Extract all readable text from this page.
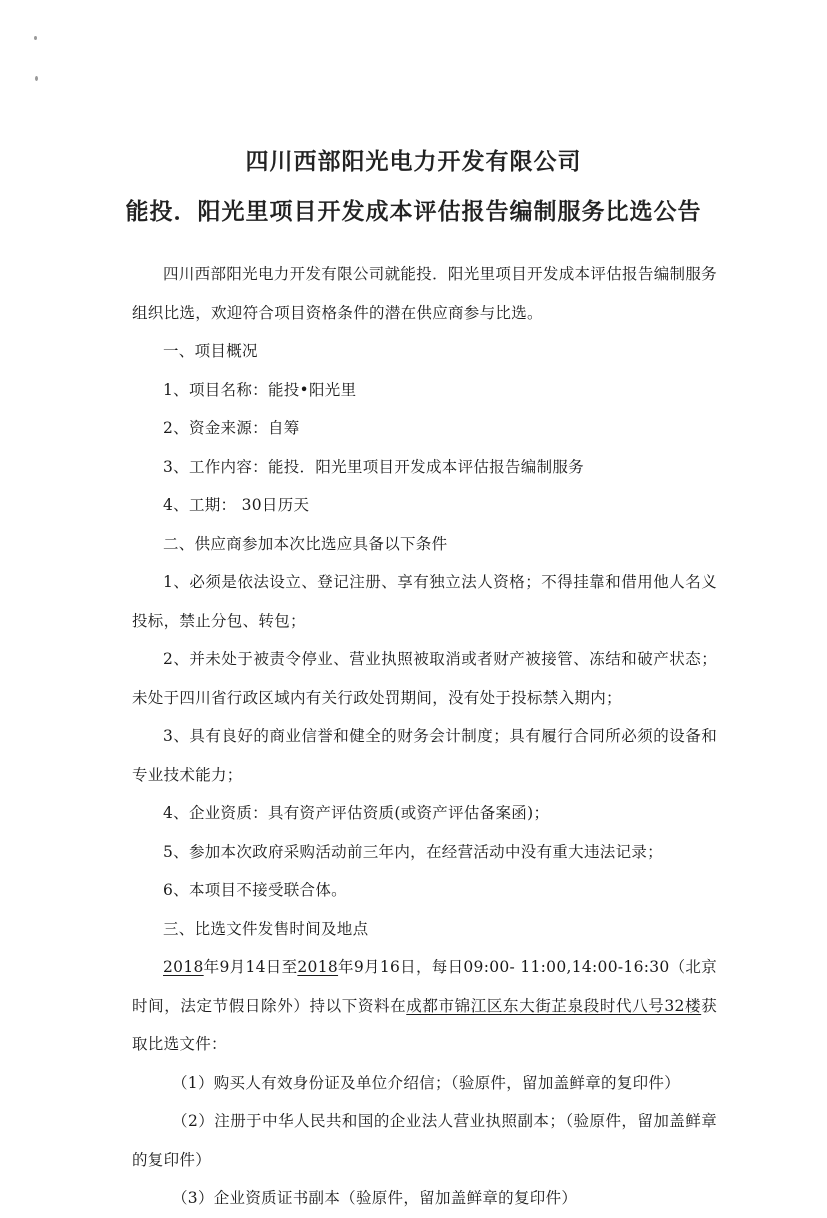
四川西部阳光电力开发有限公司
能投．阳光里项目开发成本评估报告编制服务比选公告

四川西部阳光电力开发有限公司就能投．阳光里项目开发成本评估报告编制服务组织比选，欢迎符合项目资格条件的潜在供应商参与比选。

一、项目概况

1、项目名称：能投•阳光里

2、资金来源：自筹

3、工作内容：能投．阳光里项目开发成本评估报告编制服务

4、工期： 30日历天

二、供应商参加本次比选应具备以下条件

1、必须是依法设立、登记注册、享有独立法人资格；不得挂靠和借用他人名义投标，禁止分包、转包；

2、并未处于被责令停业、营业执照被取消或者财产被接管、冻结和破产状态；未处于四川省行政区域内有关行政处罚期间，没有处于投标禁入期内；

3、具有良好的商业信誉和健全的财务会计制度；具有履行合同所必须的设备和专业技术能力；

4、企业资质：具有资产评估资质(或资产评估备案函)；

5、参加本次政府采购活动前三年内，在经营活动中没有重大违法记录；

6、本项目不接受联合体。

三、比选文件发售时间及地点

2018年9月14日至2018年9月16日，每日09:00- 11:00,14:00-16:30（北京时间，法定节假日除外）持以下资料在成都市锦江区东大街芷泉段时代八号32楼获取比选文件：

（1）购买人有效身份证及单位介绍信；（验原件，留加盖鲜章的复印件）

（2）注册于中华人民共和国的企业法人营业执照副本；（验原件，留加盖鲜章的复印件）

（3）企业资质证书副本（验原件，留加盖鲜章的复印件）
